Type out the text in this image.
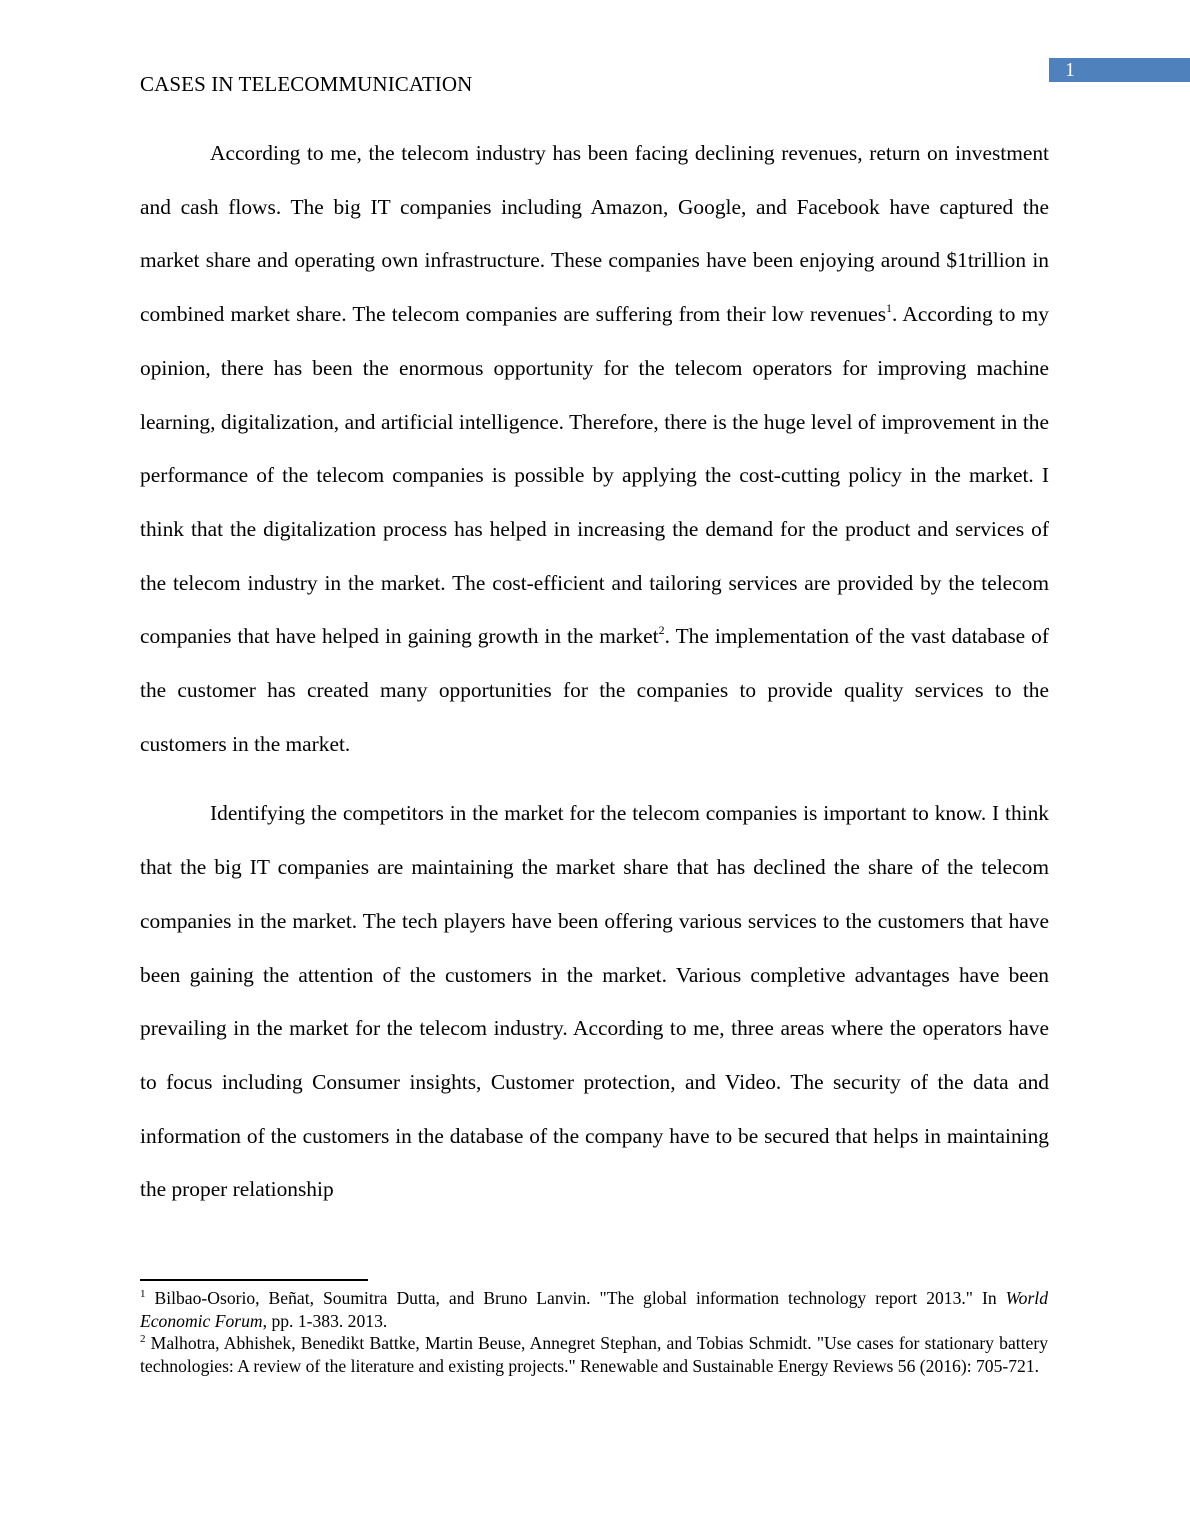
1
CASES IN TELECOMMUNICATION

According to me, the telecom industry has been facing declining revenues, return on investment and cash flows. The big IT companies including Amazon, Google, and Facebook have captured the market share and operating own infrastructure. These companies have been enjoying around $1trillion in combined market share. The telecom companies are suffering from their low revenues$^1$. According to my opinion, there has been the enormous opportunity for the telecom operators for improving machine learning, digitalization, and artificial intelligence. Therefore, there is the huge level of improvement in the performance of the telecom companies is possible by applying the cost-cutting policy in the market. I think that the digitalization process has helped in increasing the demand for the product and services of the telecom industry in the market. The cost-efficient and tailoring services are provided by the telecom companies that have helped in gaining growth in the market$^2$. The implementation of the vast database of the customer has created many opportunities for the companies to provide quality services to the customers in the market.

Identifying the competitors in the market for the telecom companies is important to know. I think that the big IT companies are maintaining the market share that has declined the share of the telecom companies in the market. The tech players have been offering various services to the customers that have been gaining the attention of the customers in the market. Various completive advantages have been prevailing in the market for the telecom industry. According to me, three areas where the operators have to focus including Consumer insights, Customer protection, and Video. The security of the data and information of the customers in the database of the company have to be secured that helps in maintaining the proper relationship

$^1$ Bilbao-Osorio, Beñat, Soumitra Dutta, and Bruno Lanvin. "The global information technology report 2013." In World Economic Forum, pp. 1-383. 2013.

$^2$ Malhotra, Abhishek, Benedikt Battke, Martin Beuse, Annegret Stephan, and Tobias Schmidt. "Use cases for stationary battery technologies: A review of the literature and existing projects." Renewable and Sustainable Energy Reviews 56 (2016): 705-721.
